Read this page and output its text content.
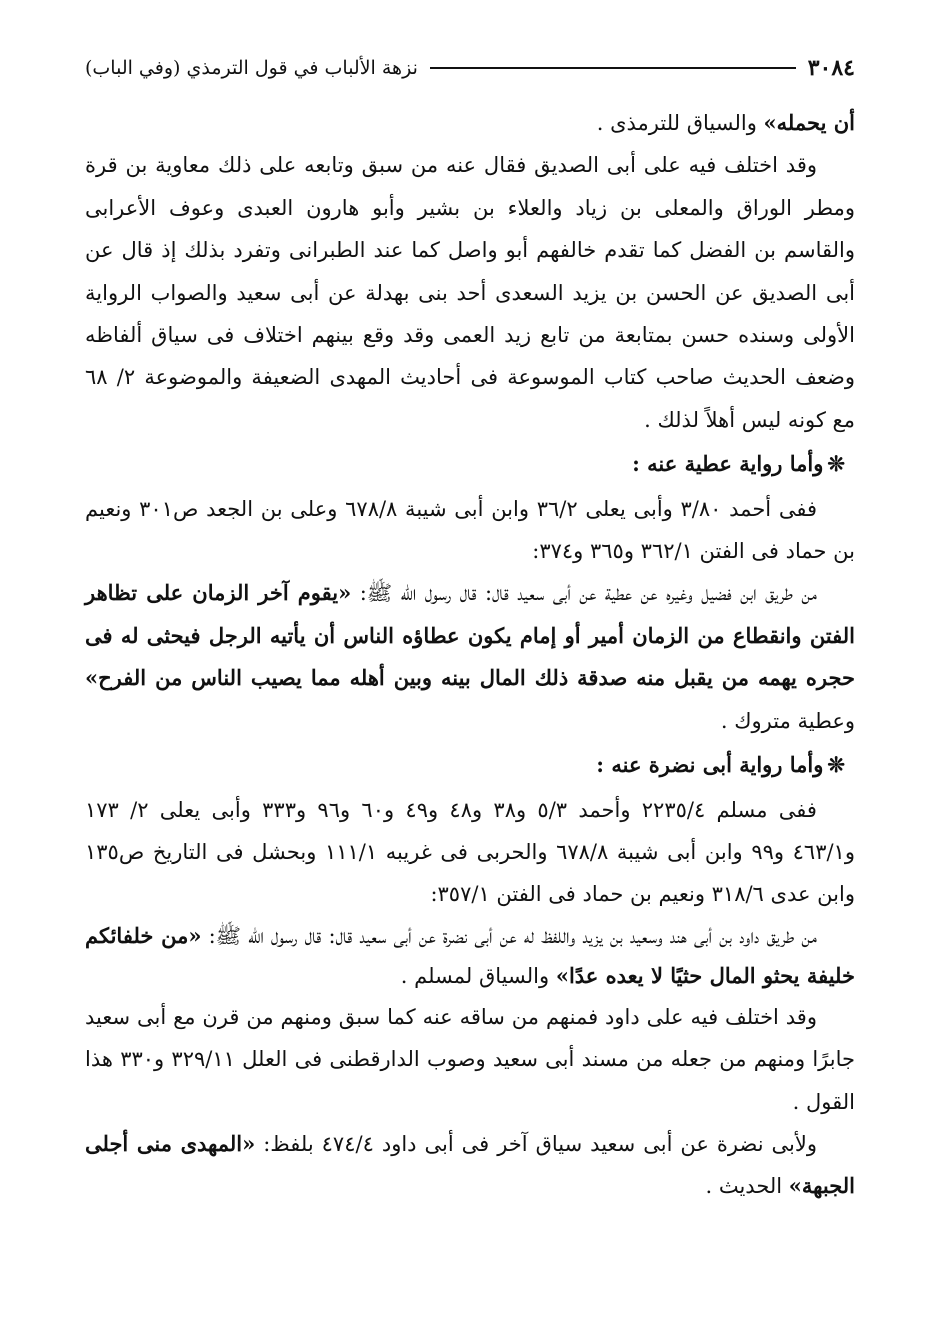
٣٠٨٤
نزهة الألباب في قول الترمذي (وفي الباب)

أن يحمله» والسياق للترمذى .

وقد اختلف فيه على أبى الصديق فقال عنه من سبق وتابعه على ذلك معاوية بن قرة ومطر الوراق والمعلى بن زياد والعلاء بن بشير وأبو هارون العبدى وعوف الأعرابى والقاسم بن الفضل كما تقدم خالفهم أبو واصل كما عند الطبرانى وتفرد بذلك إذ قال عن أبى الصديق عن الحسن بن يزيد السعدى أحد بنى بهدلة عن أبى سعيد والصواب الرواية الأولى وسنده حسن بمتابعة من تابع زيد العمى وقد وقع بينهم اختلاف فى سياق ألفاظه وضعف الحديث صاحب كتاب الموسوعة فى أحاديث المهدى الضعيفة والموضوعة ٢/ ٦٨ مع كونه ليس أهلاً لذلك .

❊وأما رواية عطية عنه :

ففى أحمد ٣/٨٠ وأبى يعلى ٣٦/٢ وابن أبى شيبة ٦٧٨/٨ وعلى بن الجعد ص٣٠١ ونعيم بن حماد فى الفتن ٣٦٢/١ و٣٦٥ و٣٧٤:

من طريق ابن فضيل وغيره عن عطية عن أبى سعيد قال: قال رسول الله ﷺ: «يقوم آخر الزمان على تظاهر الفتن وانقطاع من الزمان أمير أو إمام يكون عطاؤه الناس أن يأتيه الرجل فيحثى له فى حجره يهمه من يقبل منه صدقة ذلك المال بينه وبين أهله مما يصيب الناس من الفرح» وعطية متروك .

❊وأما رواية أبى نضرة عنه :

ففى مسلم ٢٢٣٥/٤ وأحمد ٥/٣ و٣٨ و٤٨ و٤٩ و٦٠ و٩٦ و٣٣٣ وأبى يعلى ٢/ ١٧٣ و٤٦٣/١ و٩٩ وابن أبى شيبة ٦٧٨/٨ والحربى فى غريبه ١١١/١ وبحشل فى التاريخ ص١٣٥ وابن عدى ٣١٨/٦ ونعيم بن حماد فى الفتن ٣٥٧/١:

من طريق داود بن أبى هند وسعيد بن يزيد واللفظ له عن أبى نضرة عن أبى سعيد قال: قال رسول الله ﷺ: «من خلفائكم خليفة يحثو المال حثيًا لا يعده عدًا» والسياق لمسلم .

وقد اختلف فيه على داود فمنهم من ساقه عنه كما سبق ومنهم من قرن مع أبى سعيد جابرًا ومنهم من جعله من مسند أبى سعيد وصوب الدارقطنى فى العلل ٣٢٩/١١ و٣٣٠ هذا القول .

ولأبى نضرة عن أبى سعيد سياق آخر فى أبى داود ٤٧٤/٤ بلفظ: «المهدى منى أجلى الجبهة» الحديث .
